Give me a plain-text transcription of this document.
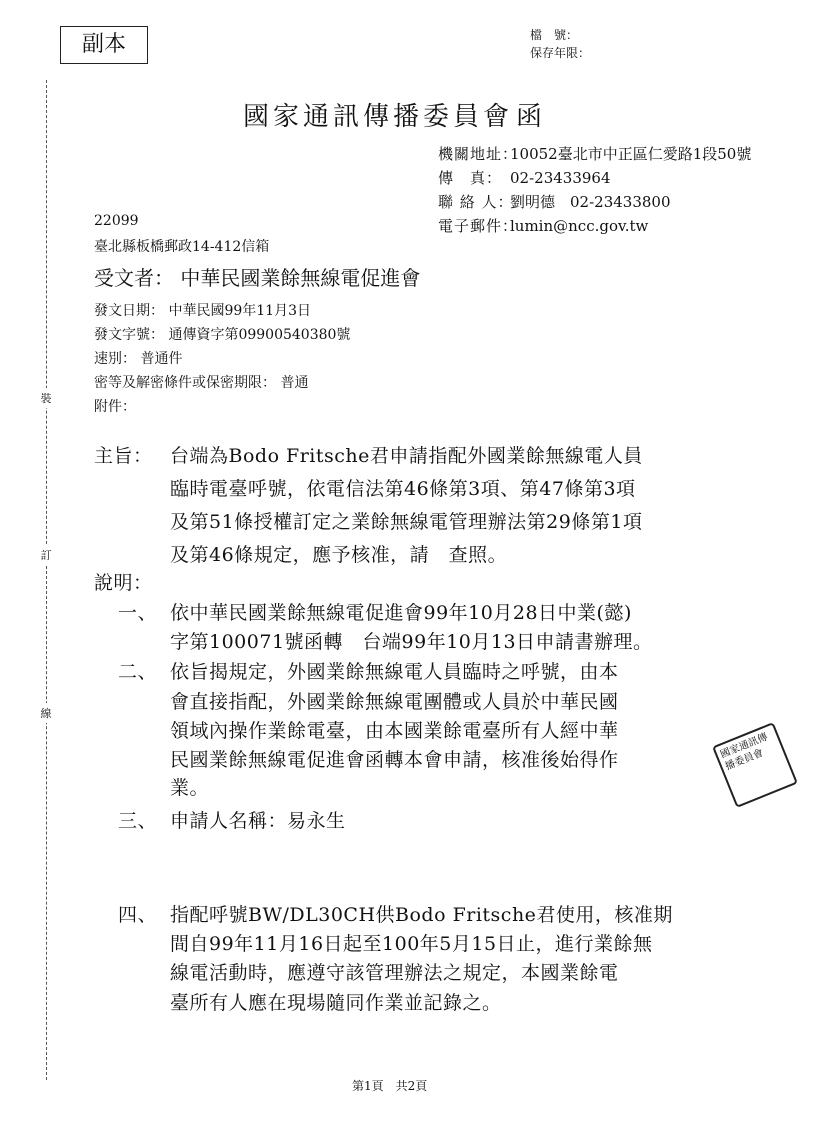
副本	檔　號：
保存年限：
裝
訂
線
國家通訊傳播委員會 函
機關地址：10052臺北市中正區仁愛路1段50號
傳　真： 02-23433964
聯 絡 人：劉明德　02-23433800
電子郵件：lumin@ncc.gov.tw
22099
臺北縣板橋郵政14-412信箱
受文者： 中華民國業餘無線電促進會
發文日期： 中華民國99年11月3日
發文字號： 通傳資字第09900540380號
速別： 普通件
密等及解密條件或保密期限： 普通
附件：
主旨： 台端為Bodo Fritsche君申請指配外國業餘無線電人員
臨時電臺呼號，依電信法第46條第3項、第47條第3項
及第51條授權訂定之業餘無線電管理辦法第29條第1項
及第46條規定，應予核准，請　查照。
說明：
一、 依中華民國業餘無線電促進會99年10月28日中業(懿)
字第100071號函轉　台端99年10月13日申請書辦理。
二、 依旨揭規定，外國業餘無線電人員臨時之呼號，由本
會直接指配，外國業餘無線電團體或人員於中華民國
領域內操作業餘電臺，由本國業餘電臺所有人經中華
民國業餘無線電促進會函轉本會申請，核准後始得作
業。
三、 申請人名稱：易永生
四、 指配呼號BW/DL30CH供Bodo Fritsche君使用，核准期
間自99年11月16日起至100年5月15日止，進行業餘無
線電活動時，應遵守該管理辦法之規定，本國業餘電
臺所有人應在現場隨同作業並記錄之。
國家通訊傳播委員會
第1頁　共2頁
